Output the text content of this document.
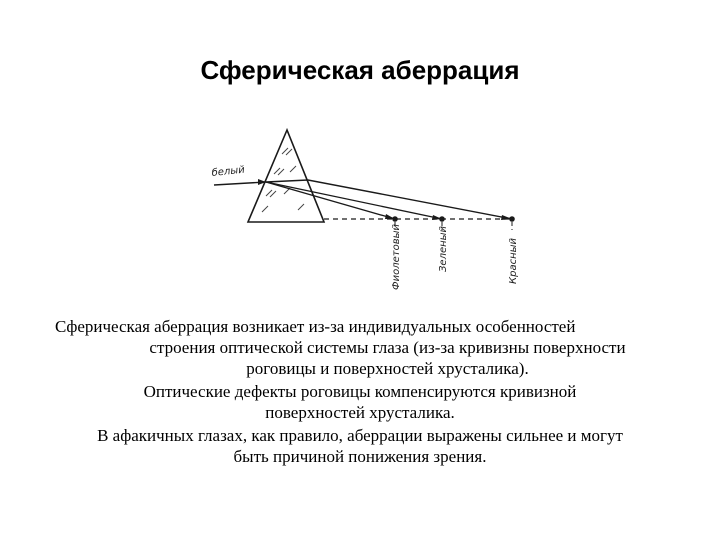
Сферическая аберрация
белый
Фиолетовый	Зеленый	Красный

Сферическая аберрация возникает из-за индивидуальных особенностей
строения оптической системы глаза (из-за кривизны поверхности
роговицы и поверхностей хрусталика).

Оптические дефекты роговицы компенсируются кривизной
поверхностей хрусталика.

В афакичных глазах, как правило, аберрации выражены сильнее и могут
быть причиной понижения зрения.
